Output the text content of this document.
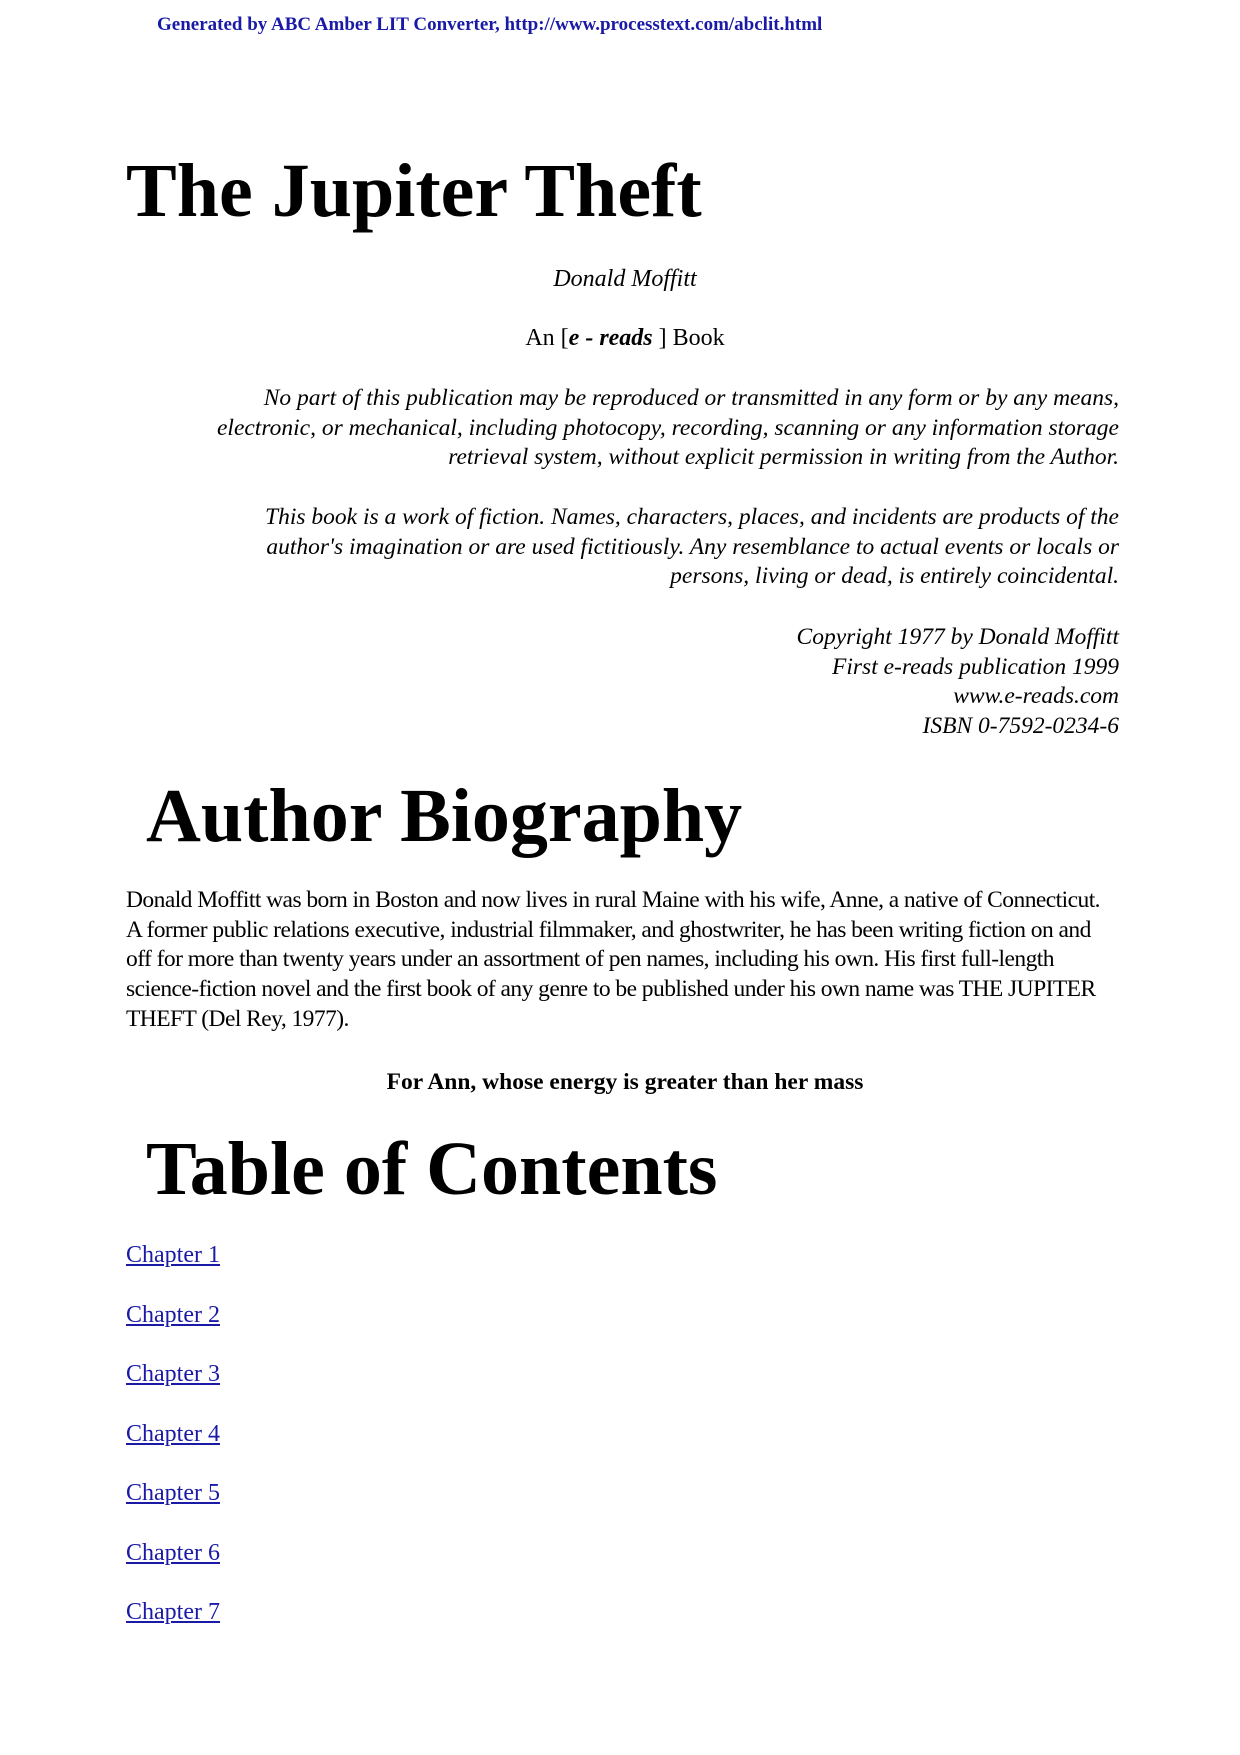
Generated by ABC Amber LIT Converter, http://www.processtext.com/abclit.html
The Jupiter Theft
Donald Moffitt
An [e - reads ] Book

No part of this publication may be reproduced or transmitted in any form or by any means,

electronic, or mechanical, including photocopy, recording, scanning or any information storage

retrieval system, without explicit permission in writing from the Author.

This book is a work of fiction. Names, characters, places, and incidents are products of the

author's imagination or are used fictitiously. Any resemblance to actual events or locals or

persons, living or dead, is entirely coincidental.

Copyright 1977 by Donald Moffitt

First e-reads publication 1999

www.e-reads.com

ISBN 0-7592-0234-6

Author Biography

Donald Moffitt was born in Boston and now lives in rural Maine with his wife, Anne, a native of Connecticut. A former public relations executive, industrial filmmaker, and ghostwriter, he has been writing fiction on and off for more than twenty years under an assortment of pen names, including his own. His first full-length science-fiction novel and the first book of any genre to be published under his own name was THE JUPITER THEFT (Del Rey, 1977).

For Ann, whose energy is greater than her mass
Table of Contents
Chapter 1
Chapter 2
Chapter 3
Chapter 4
Chapter 5
Chapter 6
Chapter 7
